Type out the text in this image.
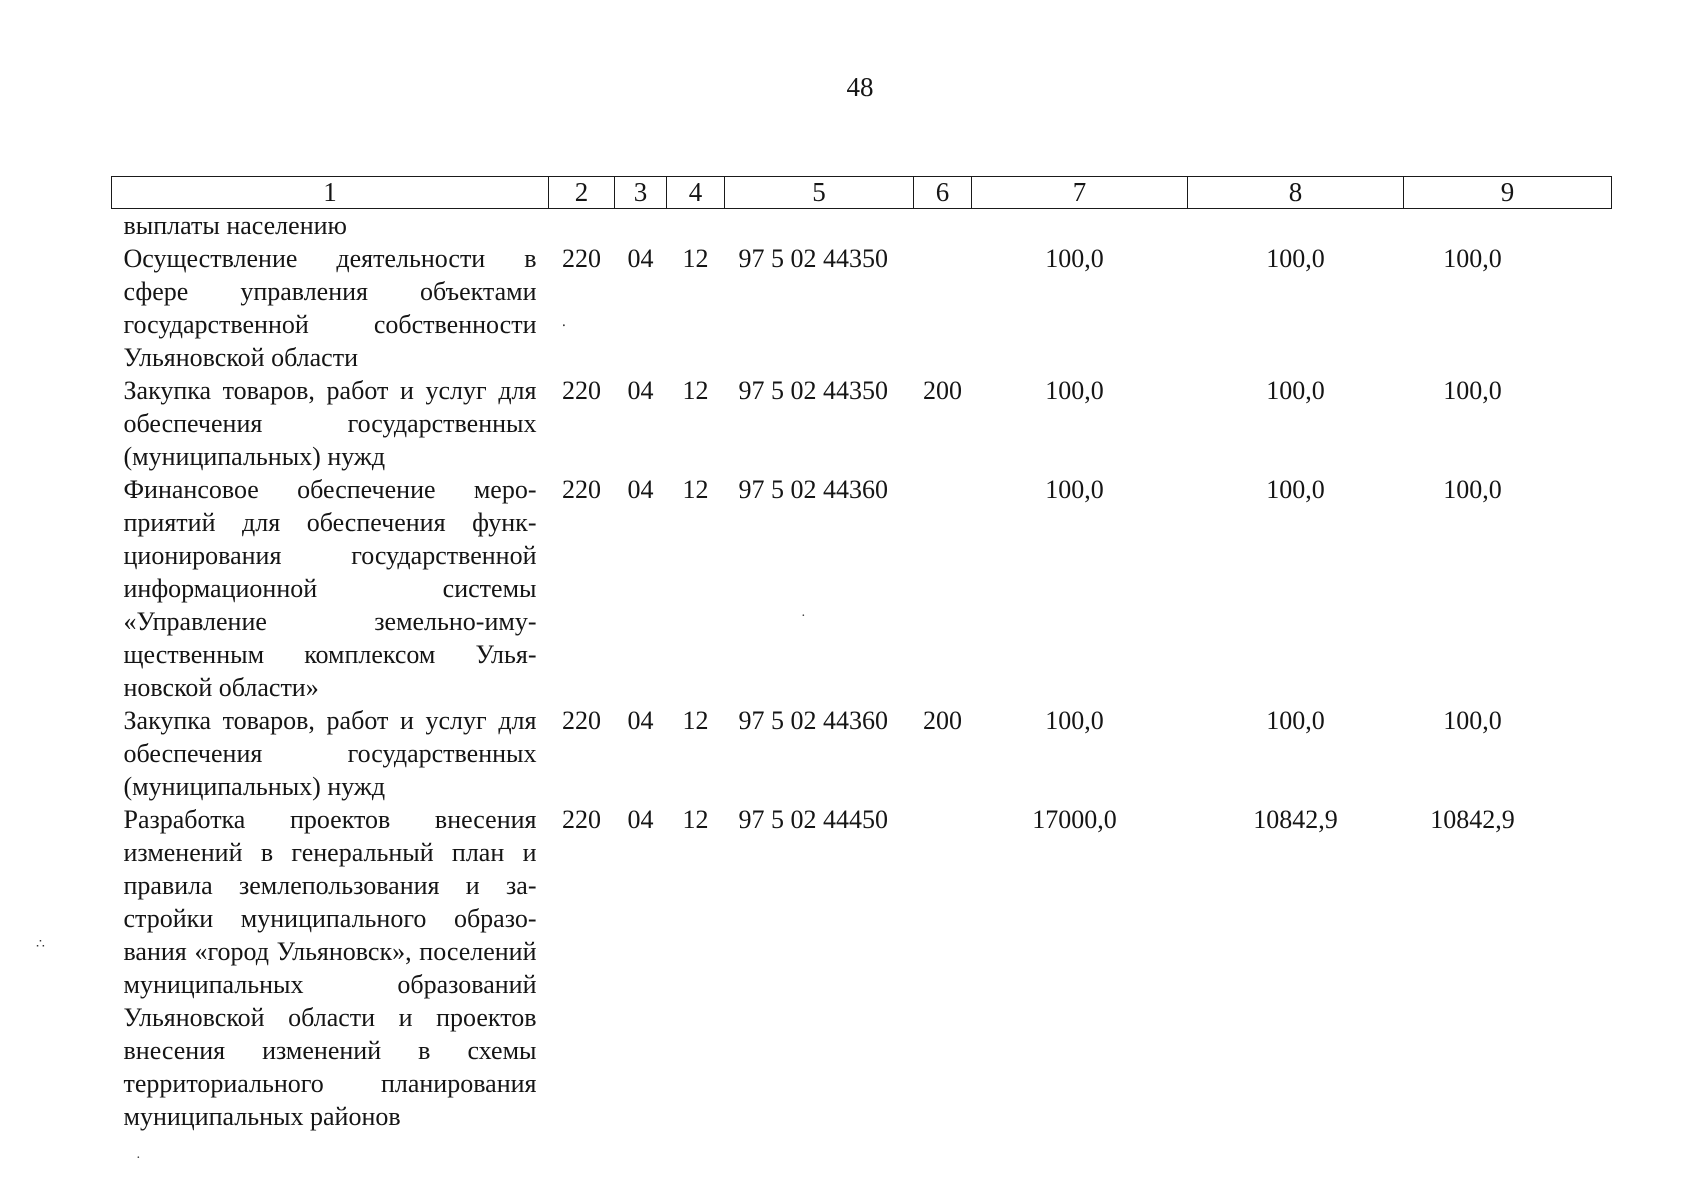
48
1	2	3	4	5	6	7	8	9
выплаты населению								
Осуществление деятельности в сфере управления объектами государственной собственности Ульяновской области	220	04	12	97 5 02 44350		100,0	100,0	100,0
Закупка товаров, работ и услуг для обеспечения государственных (муниципальных) нужд	220	04	12	97 5 02 44350	200	100,0	100,0	100,0
Финансовое обеспечение мероприятий для обеспечения функционирования государственной информационной системы «Управление земельно-имущественным комплексом Ульяновской области»	220	04	12	97 5 02 44360		100,0	100,0	100,0
Закупка товаров, работ и услуг для обеспечения государственных (муниципальных) нужд	220	04	12	97 5 02 44360	200	100,0	100,0	100,0
Разработка проектов внесения изменений в генеральный план и правила землепользования и застройки муниципального образования «город Ульяновск», поселений муниципальных образований Ульяновской области и проектов внесения изменений в схемы территориального планирования муниципальных районов	220	04	12	97 5 02 44450		17000,0	10842,9	10842,9
⸳
·
∴
·
